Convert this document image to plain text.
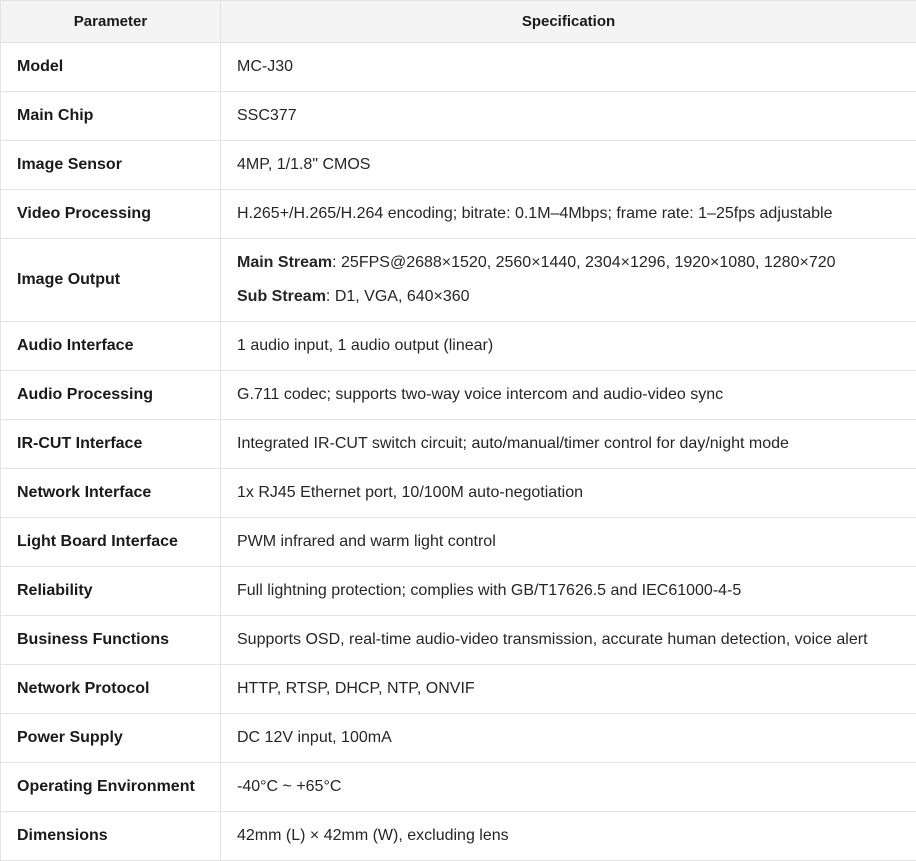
Parameter	Specification
Model	MC-J30
Main Chip	SSC377
Image Sensor	4MP, 1/1.8" CMOS
Video Processing	H.265+/H.265/H.264 encoding; bitrate: 0.1M–4Mbps; frame rate: 1–25fps adjustable
Image Output	Main Stream: 25FPS@2688×1520, 2560×1440, 2304×1296, 1920×1080, 1280×720
Sub Stream: D1, VGA, 640×360

Audio Interface	1 audio input, 1 audio output (linear)
Audio Processing	G.711 codec; supports two-way voice intercom and audio-video sync
IR-CUT Interface	Integrated IR-CUT switch circuit; auto/manual/timer control for day/night mode
Network Interface	1x RJ45 Ethernet port, 10/100M auto-negotiation
Light Board Interface	PWM infrared and warm light control
Reliability	Full lightning protection; complies with GB/T17626.5 and IEC61000-4-5
Business Functions	Supports OSD, real-time audio-video transmission, accurate human detection, voice alert
Network Protocol	HTTP, RTSP, DHCP, NTP, ONVIF
Power Supply	DC 12V input, 100mA
Operating Environment	-40°C ~ +65°C
Dimensions	42mm (L) × 42mm (W), excluding lens
